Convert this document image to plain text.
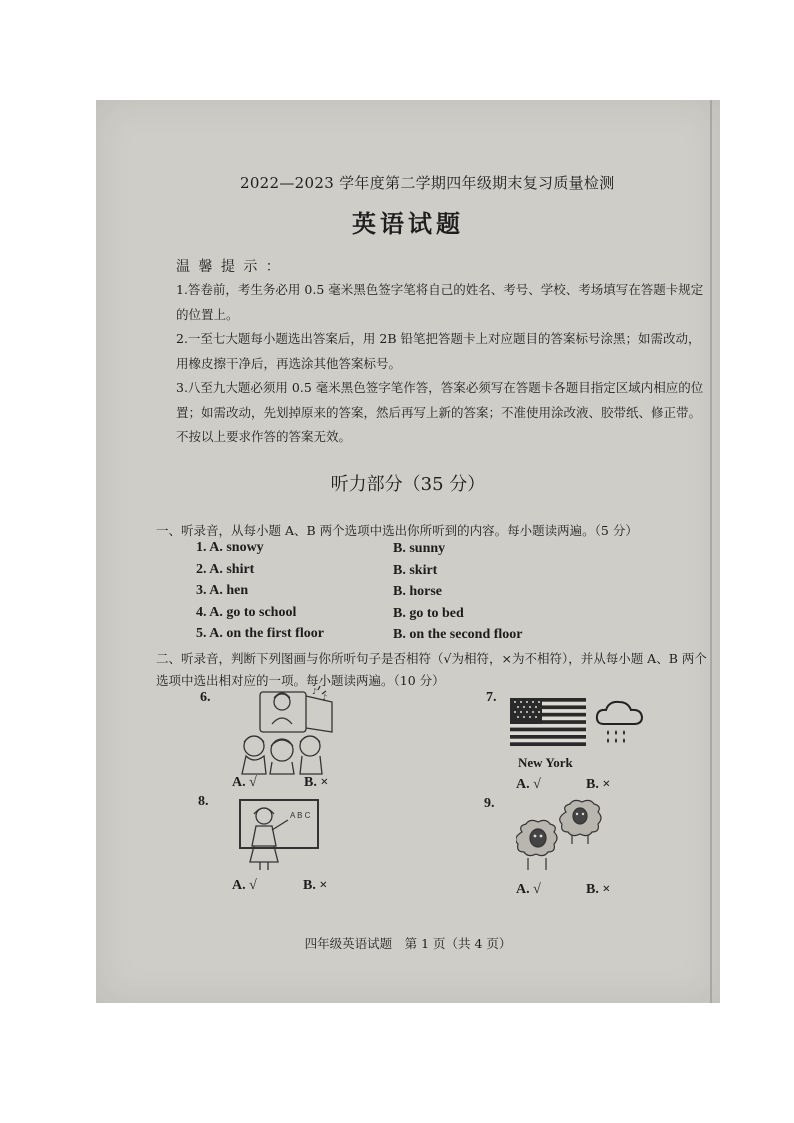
2022—2023 学年度第二学期四年级期末复习质量检测
英语试题
温 馨 提 示 ：
1.答卷前，考生务必用 0.5 毫米黑色签字笔将自己的姓名、考号、学校、考场填写在答题卡规定的位置上。
2.一至七大题每小题选出答案后，用 2B 铅笔把答题卡上对应题目的答案标号涂黑；如需改动，用橡皮擦干净后，再选涂其他答案标号。
3.八至九大题必须用 0.5 毫米黑色签字笔作答，答案必须写在答题卡各题目指定区域内相应的位置；如需改动，先划掉原来的答案，然后再写上新的答案；不准使用涂改液、胶带纸、修正带。不按以上要求作答的答案无效。
听力部分（35 分）
一、听录音，从每小题 A、B 两个选项中选出你所听到的内容。每小题读两遍。（5 分）
1. A. snowy	B. sunny
2. A. shirt	B. skirt
3. A. hen	B. horse
4. A. go to school	B. go to bed
5. A. on the first floor	B. on the second floor
二、听录音，判断下列图画与你所听句子是否相符（√为相符，×为不相符），并从每小题 A、B 两个选项中选出相对应的一项。每小题读两遍。（10 分）
6.	♪
♪
A. √	B. ×
7.
New York
A. √	B. ×
8.
A B C
A. √	B. ×
9.
A. √	B. ×
四年级英语试题　第 1 页（共 4 页）
